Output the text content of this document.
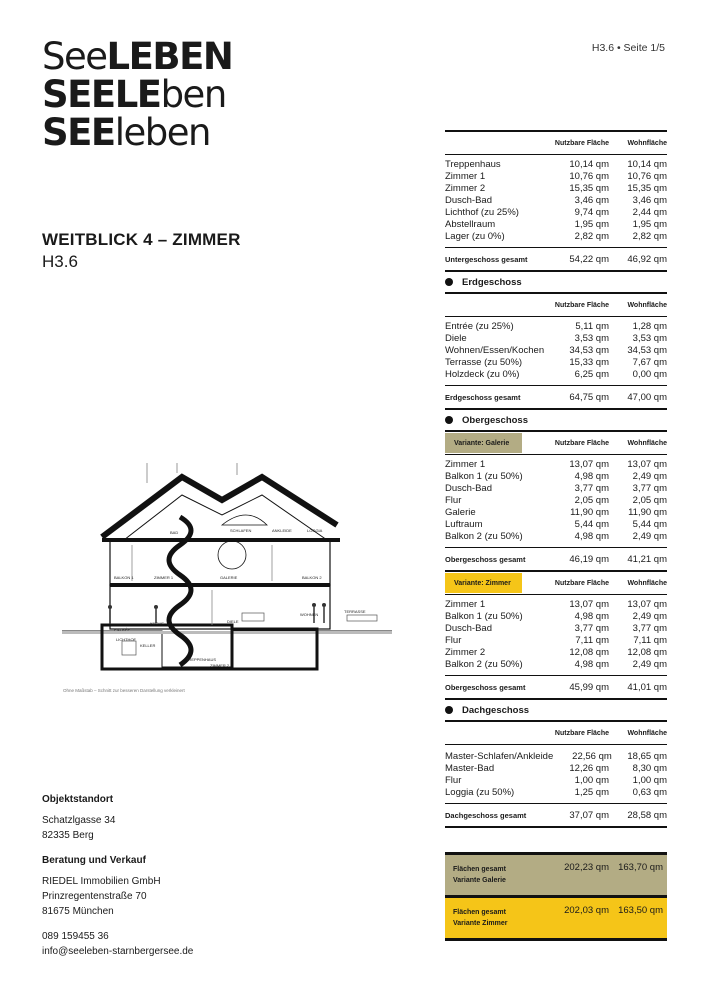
SeeLEBEN
SEELEben
SEEleben
H3.6 • Seite 1/5
WEITBLICK 4 – ZIMMER
H3.6
BALKON 1	ZIMMER 1	GALERIE	BALKON 2
KÜCHE
WOHNEN
BAD	SCHLAFEN	ANKLEIDE	LOGGIA
TREPPENHAUS
DIELE
LICHTHOF
ZIMMER 2
KELLER
ENTRÉE
TERRASSE
Ohne Maßstab – Schnitt zur besseren Darstellung verkleinert
Objektstandort
Schatzlgasse 34
82335 Berg
Beratung und Verkauf
RIEDEL Immobilien GmbH
Prinzregentenstraße 70
81675 München
089 159455 36
info@seeleben-starnbergersee.de
Nutzbare Fläche	Wohnfläche
Treppenhaus	10,14 qm	10,14 qm
Zimmer 1	10,76 qm	10,76 qm
Zimmer 2	15,35 qm	15,35 qm
Dusch-Bad	3,46 qm	3,46 qm
Lichthof (zu 25%)	9,74 qm	2,44 qm
Abstellraum	1,95 qm	1,95 qm
Lager (zu 0%)	2,82 qm	2,82 qm
Untergeschoss gesamt	54,22 qm	46,92 qm
Erdgeschoss
Nutzbare Fläche	Wohnfläche
Entrée (zu 25%)	5,11 qm	1,28 qm
Diele	3,53 qm	3,53 qm
Wohnen/Essen/Kochen	34,53 qm	34,53 qm
Terrasse (zu 50%)	15,33 qm	7,67 qm
Holzdeck (zu 0%)	6,25 qm	0,00 qm
Erdgeschoss gesamt	64,75 qm	47,00 qm
Obergeschoss
Variante: Galerie	Nutzbare Fläche	Wohnfläche
Zimmer 1	13,07 qm	13,07 qm
Balkon 1 (zu 50%)	4,98 qm	2,49 qm
Dusch-Bad	3,77 qm	3,77 qm
Flur	2,05 qm	2,05 qm
Galerie	11,90 qm	11,90 qm
Luftraum	5,44 qm	5,44 qm
Balkon 2 (zu 50%)	4,98 qm	2,49 qm
Obergeschoss gesamt	46,19 qm	41,21 qm
Variante: Zimmer	Nutzbare Fläche	Wohnfläche
Zimmer 1	13,07 qm	13,07 qm
Balkon 1 (zu 50%)	4,98 qm	2,49 qm
Dusch-Bad	3,77 qm	3,77 qm
Flur	7,11 qm	7,11 qm
Zimmer 2	12,08 qm	12,08 qm
Balkon 2 (zu 50%)	4,98 qm	2,49 qm
Obergeschoss gesamt	45,99 qm	41,01 qm
Dachgeschoss
Nutzbare Fläche	Wohnfläche
Master-Schlafen/Ankleide	22,56 qm	18,65 qm
Master-Bad	12,26 qm	8,30 qm
Flur	1,00 qm	1,00 qm
Loggia (zu 50%)	1,25 qm	0,63 qm
Dachgeschoss gesamt	37,07 qm	28,58 qm
Flächen gesamt
Variante Galerie
202,23 qm 163,70 qm
Flächen gesamt
Variante Zimmer
202,03 qm 163,50 qm
